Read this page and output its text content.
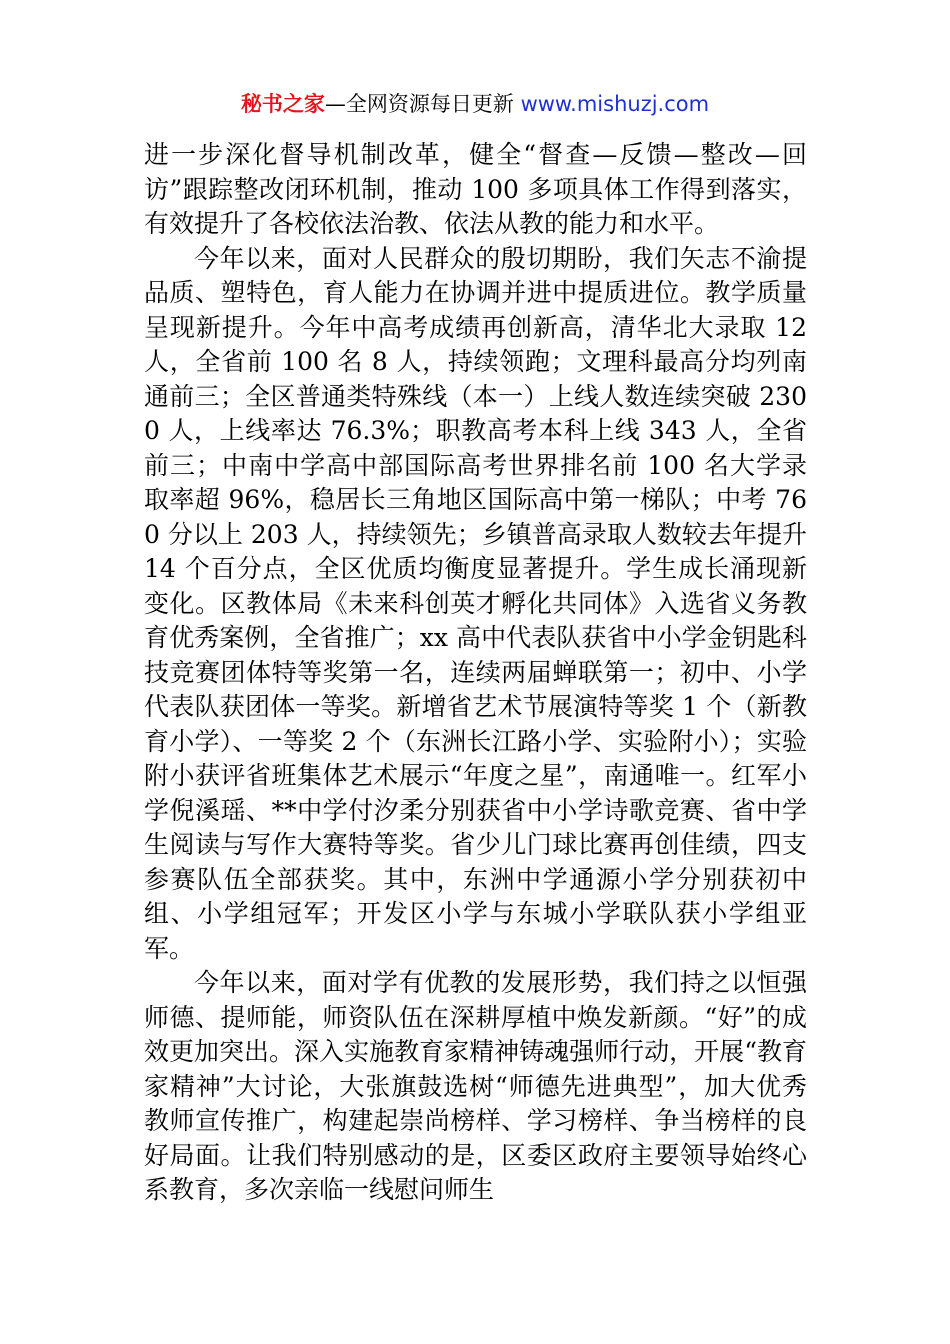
秘书之家—全网资源每日更新 www.mishuzj.com

进一步深化督导机制改革，健全“督查—反馈—整改—回访”跟踪整改闭环机制，推动 100 多项具体工作得到落实，有效提升了各校依法治教、依法从教的能力和水平。

今年以来，面对人民群众的殷切期盼，我们矢志不渝提品质、塑特色，育人能力在协调并进中提质进位。教学质量呈现新提升。今年中高考成绩再创新高，清华北大录取 12 人，全省前 100 名 8 人，持续领跑；文理科最高分均列南通前三；全区普通类特殊线（本一）上线人数连续突破 2300 人，上线率达 76.3%；职教高考本科上线 343 人，全省前三；中南中学高中部国际高考世界排名前 100 名大学录取率超 96%，稳居长三角地区国际高中第一梯队；中考 760 分以上 203 人，持续领先；乡镇普高录取人数较去年提升 14 个百分点，全区优质均衡度显著提升。学生成长涌现新变化。区教体局《未来科创英才孵化共同体》入选省义务教育优秀案例，全省推广；xx 高中代表队获省中小学金钥匙科技竞赛团体特等奖第一名，连续两届蝉联第一；初中、小学代表队获团体一等奖。新增省艺术节展演特等奖 1 个（新教育小学）、一等奖 2 个（东洲长江路小学、实验附小）；实验附小获评省班集体艺术展示“年度之星”，南通唯一。红军小学倪溪瑶、**中学付汐柔分别获省中小学诗歌竞赛、省中学生阅读与写作大赛特等奖。省少儿门球比赛再创佳绩，四支参赛队伍全部获奖。其中，东洲中学通源小学分别获初中组、小学组冠军；开发区小学与东城小学联队获小学组亚军。

今年以来，面对学有优教的发展形势，我们持之以恒强师德、提师能，师资队伍在深耕厚植中焕发新颜。“好”的成效更加突出。深入实施教育家精神铸魂强师行动，开展“教育家精神”大讨论，大张旗鼓选树“师德先进典型”，加大优秀教师宣传推广，构建起崇尚榜样、学习榜样、争当榜样的良好局面。让我们特别感动的是，区委区政府主要领导始终心系教育，多次亲临一线慰问师生
